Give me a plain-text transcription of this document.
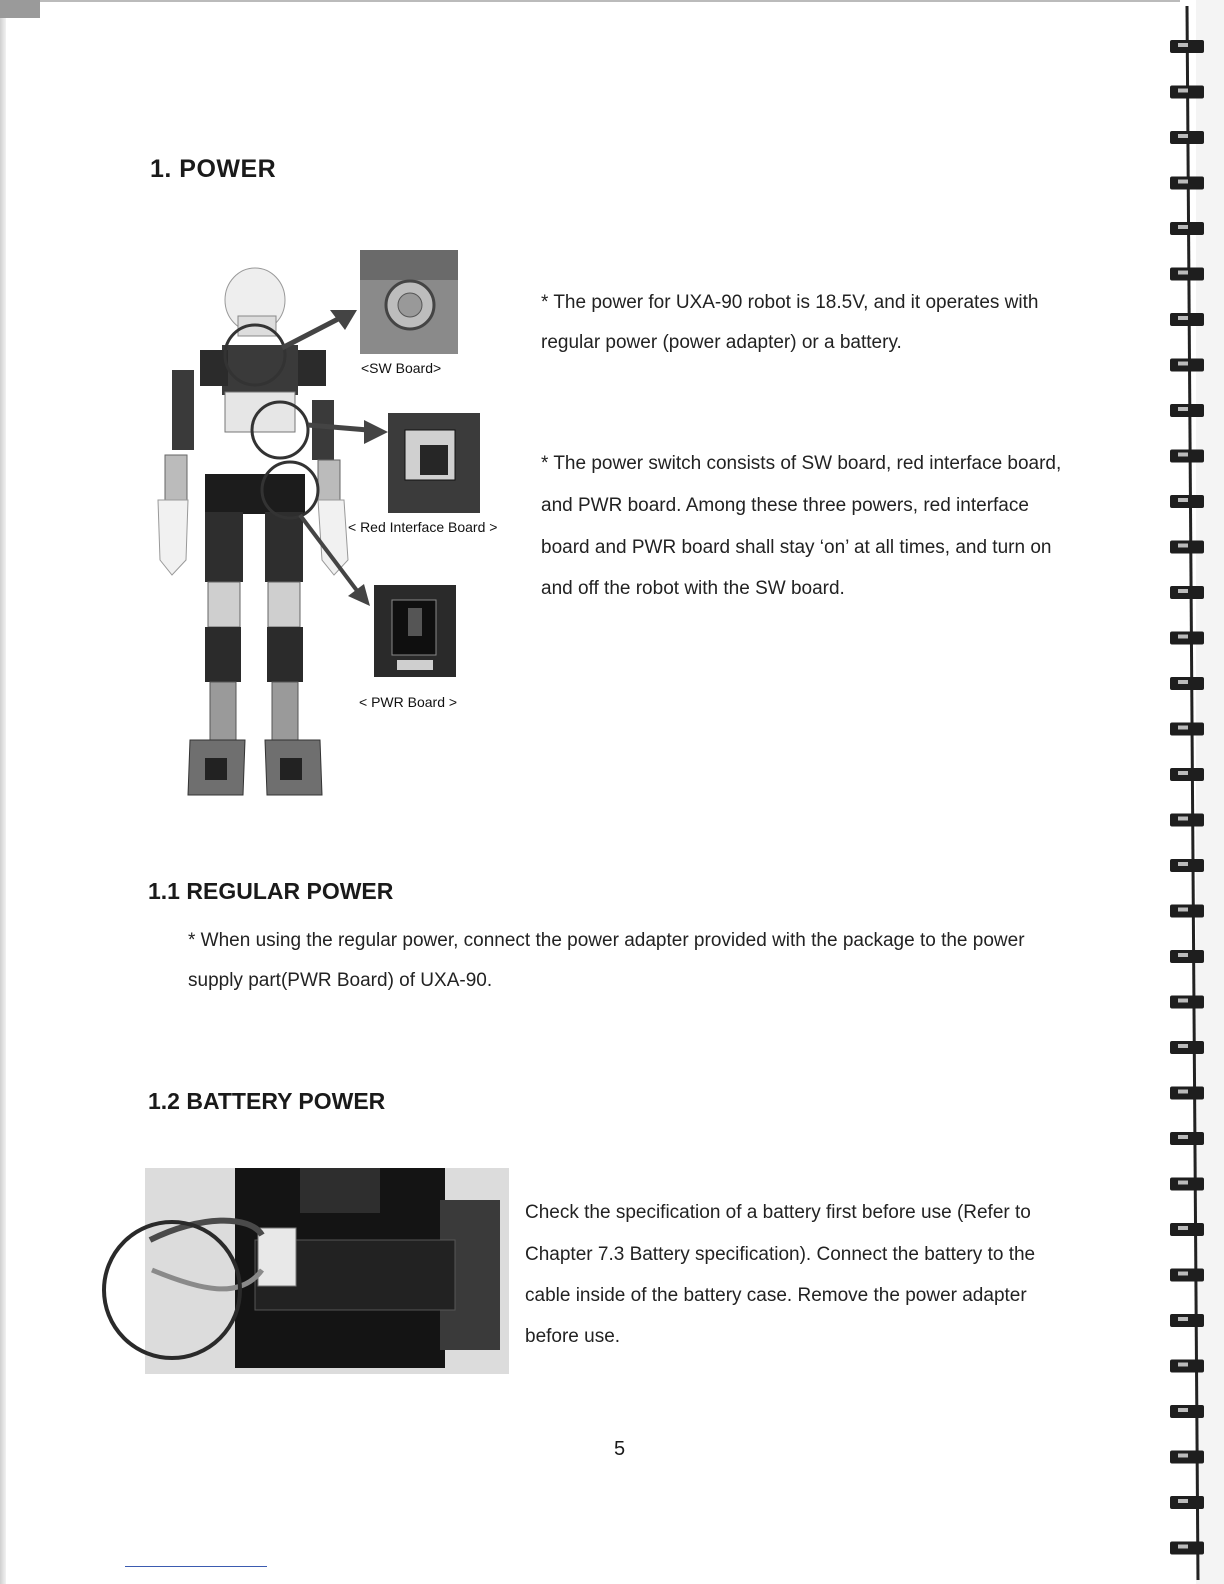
1. POWER
<SW Board>
< Red Interface Board >
< PWR Board >
* The power for UXA-90 robot is 18.5V, and it operates with
regular power (power adapter) or a battery.
* The power switch consists of SW board, red interface board,
and PWR board. Among these three powers, red interface
board and PWR board shall stay ‘on’ at all times, and turn on
and off the robot with the SW board.
1.1 REGULAR POWER
* When using the regular power, connect the power adapter provided with the package to the power
supply part(PWR Board) of UXA-90.
1.2 BATTERY POWER
Check the specification of a battery first before use (Refer to
Chapter 7.3 Battery specification). Connect the battery to the
cable inside of the battery case. Remove the power adapter
before use.
5
